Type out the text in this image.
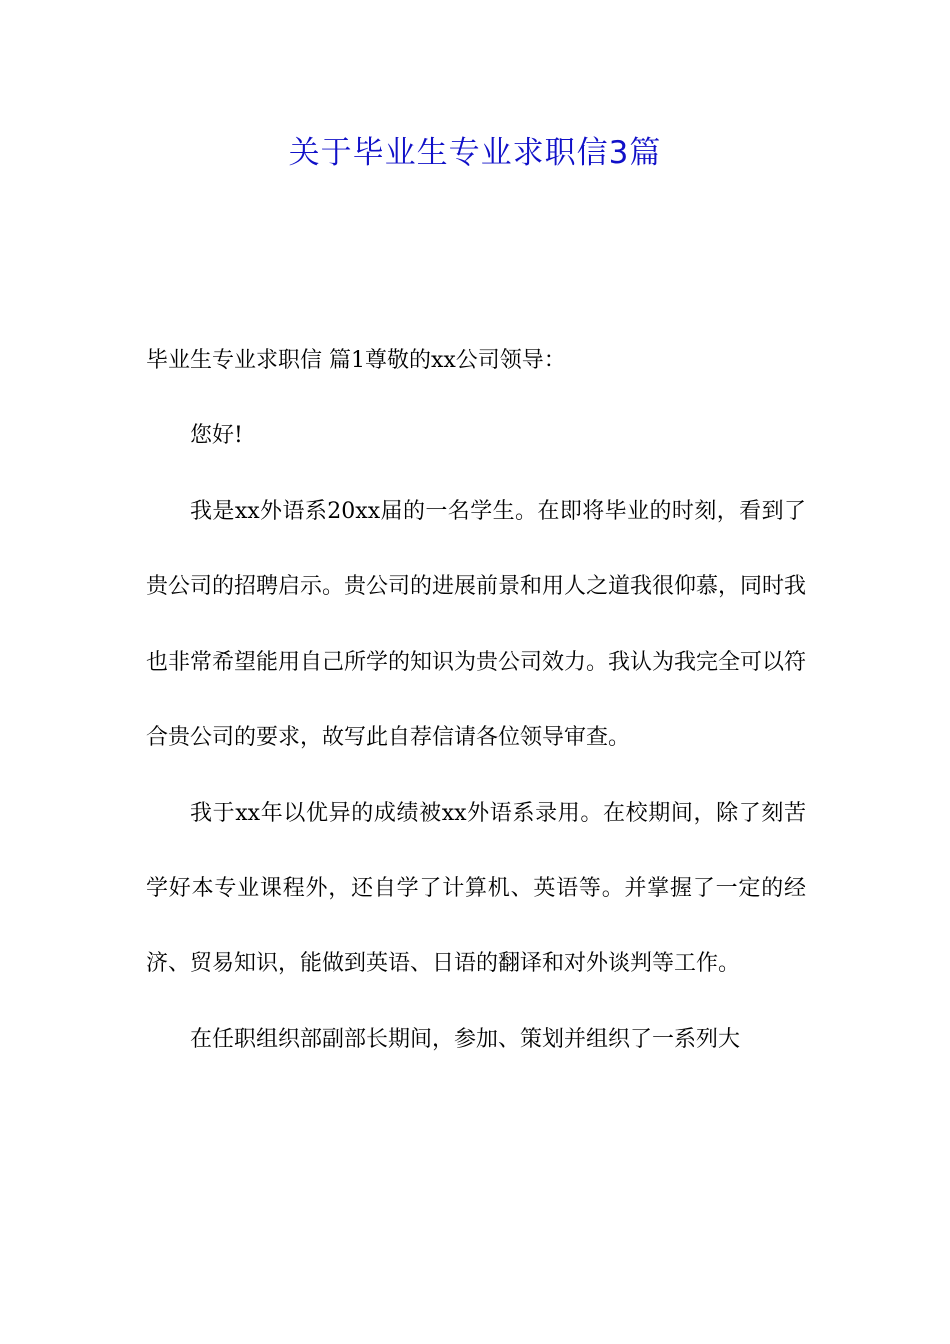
关于毕业生专业求职信3篇

毕业生专业求职信 篇1尊敬的xx公司领导：

您好!

我是xx外语系20xx届的一名学生。在即将毕业的时刻，看到了贵公司的招聘启示。贵公司的进展前景和用人之道我很仰慕，同时我也非常希望能用自己所学的知识为贵公司效力。我认为我完全可以符合贵公司的要求，故写此自荐信请各位领导审查。

我于xx年以优异的成绩被xx外语系录用。在校期间，除了刻苦学好本专业课程外，还自学了计算机、英语等。并掌握了一定的经济、贸易知识，能做到英语、日语的翻译和对外谈判等工作。

在任职组织部副部长期间，参加、策划并组织了一系列大
